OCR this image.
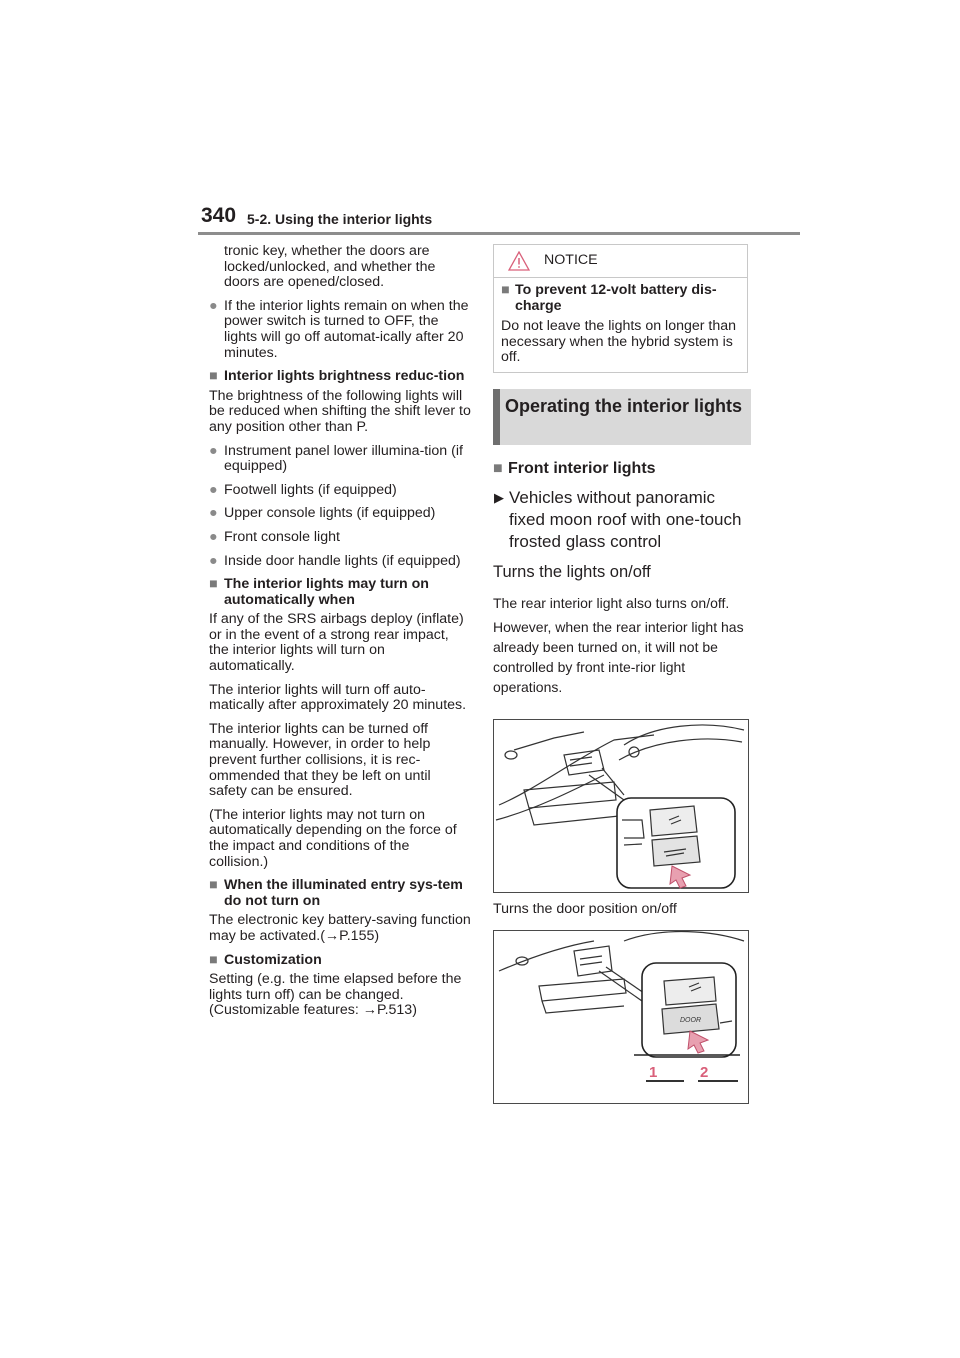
340 5-2. Using the interior lights

tronic key, whether the doors are locked/unlocked, and whether the doors are opened/closed.

● If the interior lights remain on when the power switch is turned to OFF, the lights will go off automat-ically after 20 minutes.
■ Interior lights brightness reduc-tion

The brightness of the following lights will be reduced when shifting the shift lever to any position other than P.

● Instrument panel lower illumina-tion (if equipped)
● Footwell lights (if equipped)
● Upper console lights (if equipped)
● Front console light
● Inside door handle lights (if equipped)
■ The interior lights may turn on automatically when

If any of the SRS airbags deploy (inflate) or in the event of a strong rear impact, the interior lights will turn on automatically.

The interior lights will turn off auto-matically after approximately 20 minutes.

The interior lights can be turned off manually. However, in order to help prevent further collisions, it is rec-ommended that they be left on until safety can be ensured.

(The interior lights may not turn on automatically depending on the force of the impact and conditions of the collision.)

■ When the illuminated entry sys-tem do not turn on

The electronic key battery-saving function may be activated.(→P.155)

■ Customization

Setting (e.g. the time elapsed before the lights turn off) can be changed. (Customizable features: →P.513)

NOTICE
■ To prevent 12-volt battery dis-charge
Do not leave the lights on longer than necessary when the hybrid system is off.
Operating the interior lights
■ Front interior lights
▶ Vehicles without panoramic fixed moon roof with one-touch frosted glass control

Turns the lights on/off

The rear interior light also turns on/off.

However, when the rear interior light has already been turned on, it will not be controlled by front inte-rior light operations.

Turns the door position on/off
DOOR
1	2
